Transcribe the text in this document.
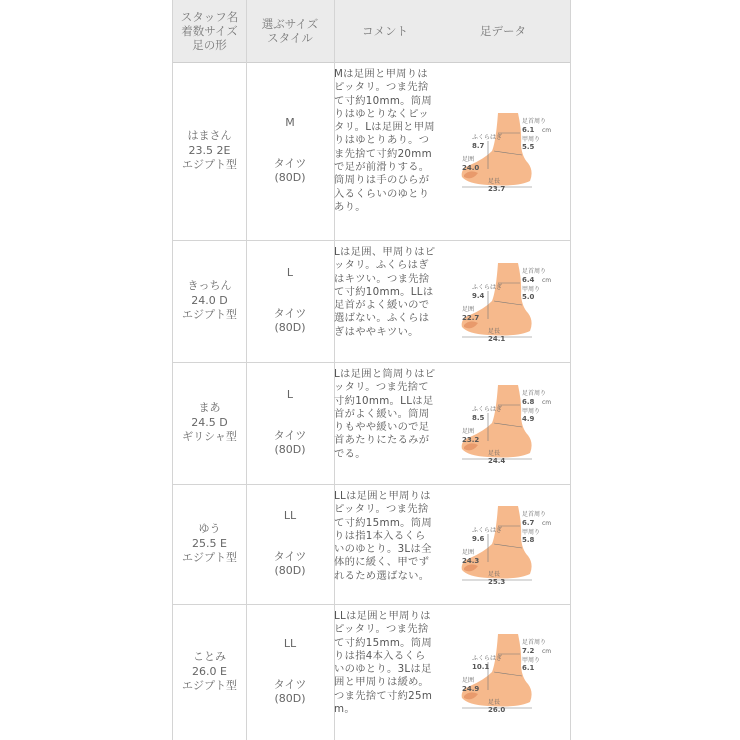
スタッフ名
着数サイズ
足の形
選ぶサイズ
スタイル	コメント	足データ
はまさん
23.5 2E
エジプト型
M
タイツ
(80D)
Mは足囲と甲周りはピッタリ。つま先捨て寸約10mm。筒周りはゆとりなくピッタリ。Lは足囲と甲周りはゆとりあり。つま先捨て寸約20mmで足が前滑りする。筒周りは手のひらが入るくらいのゆとりあり。
足首周り
6.1
甲周り
5.5
ふくらはぎ
8.7
足囲
24.0
足長
23.7
cm
きっちん
24.0 D
エジプト型
L
タイツ
(80D)
Lは足囲、甲周りはピッタリ。ふくらはぎはキツい。つま先捨て寸約10mm。LLは足首がよく緩いので選ばない。ふくらはぎはややキツい。
足首周り
6.4
甲周り
5.0
ふくらはぎ
9.4
足囲
22.7
足長
24.1
cm
まあ
24.5 D
ギリシャ型
L
タイツ
(80D)
Lは足囲と筒周りはピッタリ。つま先捨て寸約10mm。LLは足首がよく緩い。筒周りもやや緩いので足首あたりにたるみがでる。
足首周り
6.8
甲周り
4.9
ふくらはぎ
8.5
足囲
23.2
足長
24.4
cm
ゆう
25.5 E
エジプト型
LL
タイツ
(80D)
LLは足囲と甲周りはピッタリ。つま先捨て寸約15mm。筒周りは指1本入るくらいのゆとり。3Lは全体的に緩く、甲でずれるため選ばない。
足首周り
6.7
甲周り
5.8
ふくらはぎ
9.6
足囲
24.3
足長
25.3
cm
ことみ
26.0 E
エジプト型
LL
タイツ
(80D)
LLは足囲と甲周りはピッタリ。つま先捨て寸約15mm。筒周りは指4本入るくらいのゆとり。3Lは足囲と甲周りは緩め。つま先捨て寸約25mm。
足首周り
7.2
甲周り
6.1
ふくらはぎ
10.1
足囲
24.9
足長
26.0
cm
